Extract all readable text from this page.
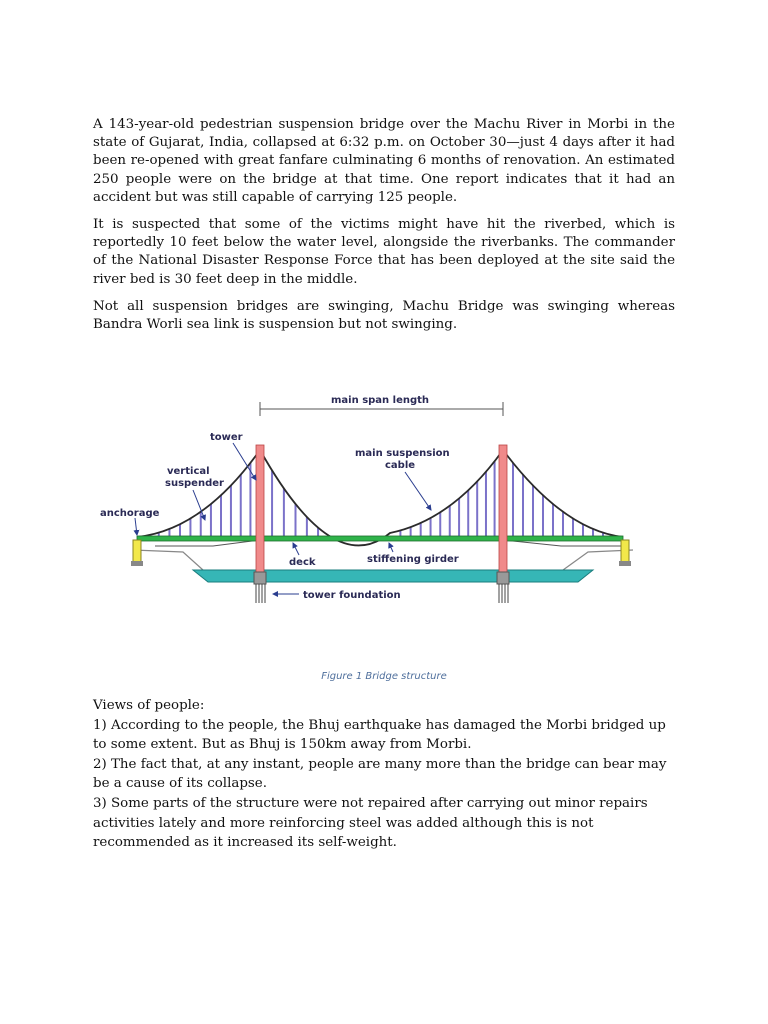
A 143-year-old pedestrian suspension bridge over the Machu River in Morbi in the state of Gujarat, India, collapsed at 6:32 p.m. on October 30—just 4 days after it had been re-opened with great fanfare culminating 6 months of renovation. An estimated 250 people were on the bridge at that time. One report indicates that it had an accident but was still capable of carrying 125 people.

It is suspected that some of the victims might have hit the riverbed, which is reportedly 10 feet below the water level, alongside the riverbanks. The commander of the National Disaster Response Force that has been deployed at the site said the river bed is 30 feet deep in the middle.

Not all suspension bridges are swinging, Machu Bridge was swinging whereas Bandra Worli sea link is suspension but not swinging.

main span length
tower
vertical
suspender
anchorage
main suspension
cable
deck	stiffening girder
tower foundation
Figure 1 Bridge structure
Views of people:
1) According to the people, the Bhuj earthquake has damaged the Morbi bridged up to some extent. But as Bhuj is 150km away from Morbi.
2) The fact that, at any instant, people are many more than the bridge can bear may be a cause of its collapse.
3) Some parts of the structure were not repaired after carrying out minor repairs activities lately and more reinforcing steel was added although this is not recommended as it increased its self-weight.
